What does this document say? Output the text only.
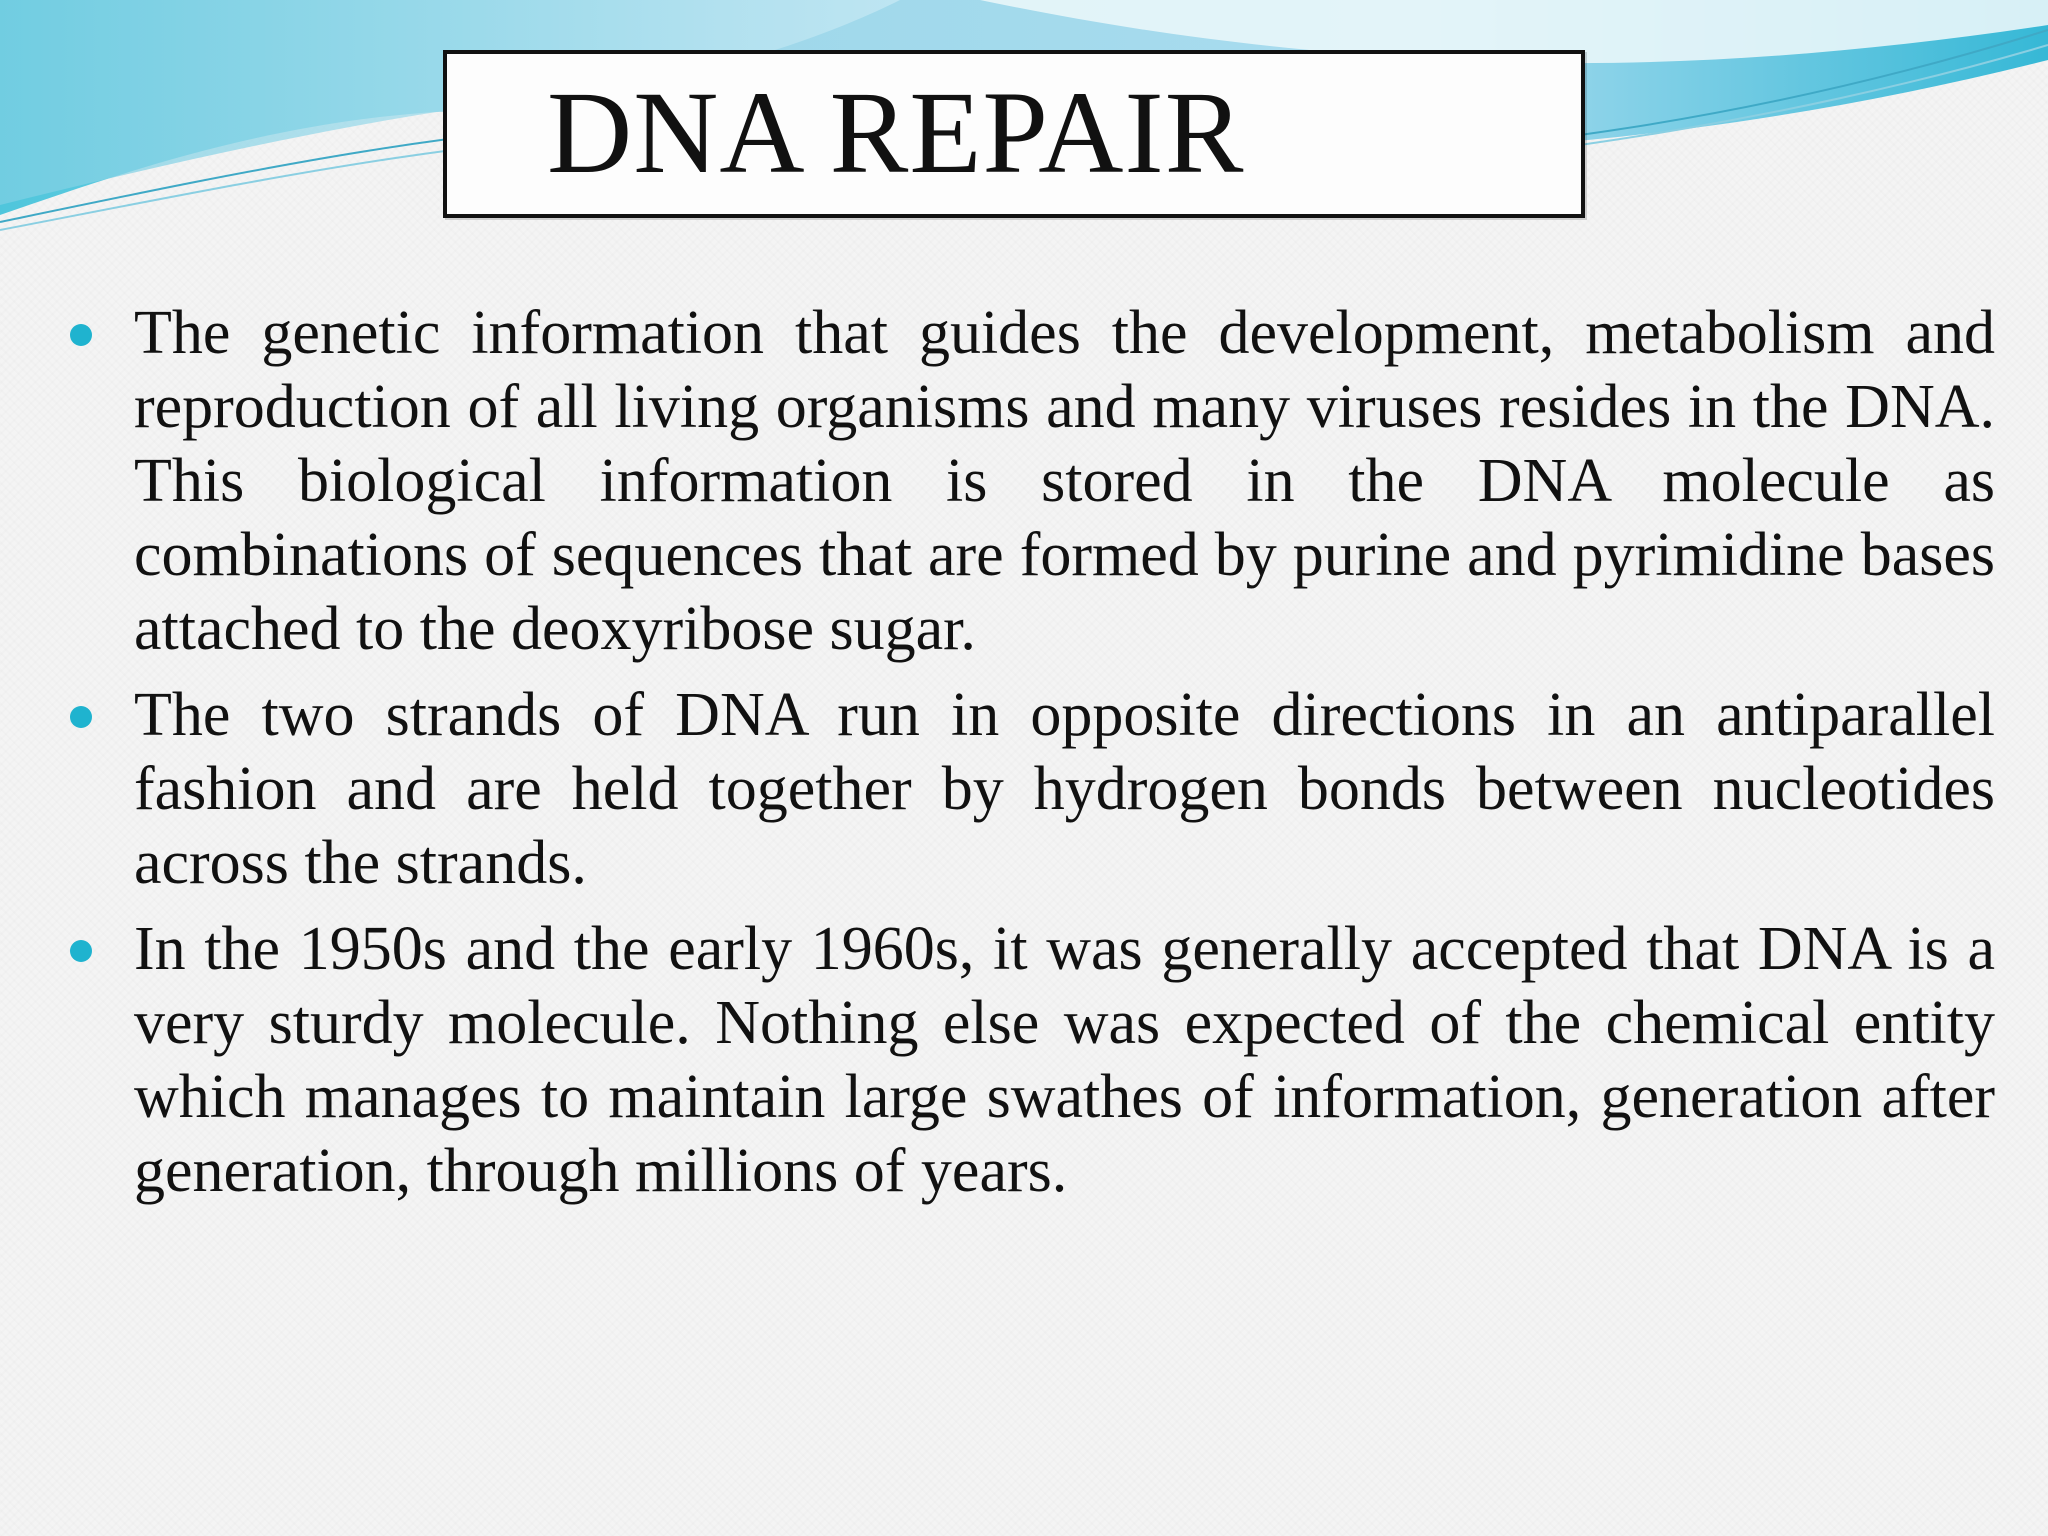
DNA REPAIR
The genetic information that guides the development, metabolism and reproduction of all living organisms and many viruses resides in the DNA. This biological information is stored in the DNA molecule as combinations of sequences that are formed by purine and pyrimidine bases attached to the deoxyribose sugar.
The two strands of DNA run in opposite directions in an antiparallel fashion and are held together by hydrogen bonds between nucleotides across the strands.
In the 1950s and the early 1960s, it was generally accepted that DNA is a very sturdy molecule. Nothing else was expected of the chemical entity which manages to maintain large swathes of information, generation after generation, through millions of years.
